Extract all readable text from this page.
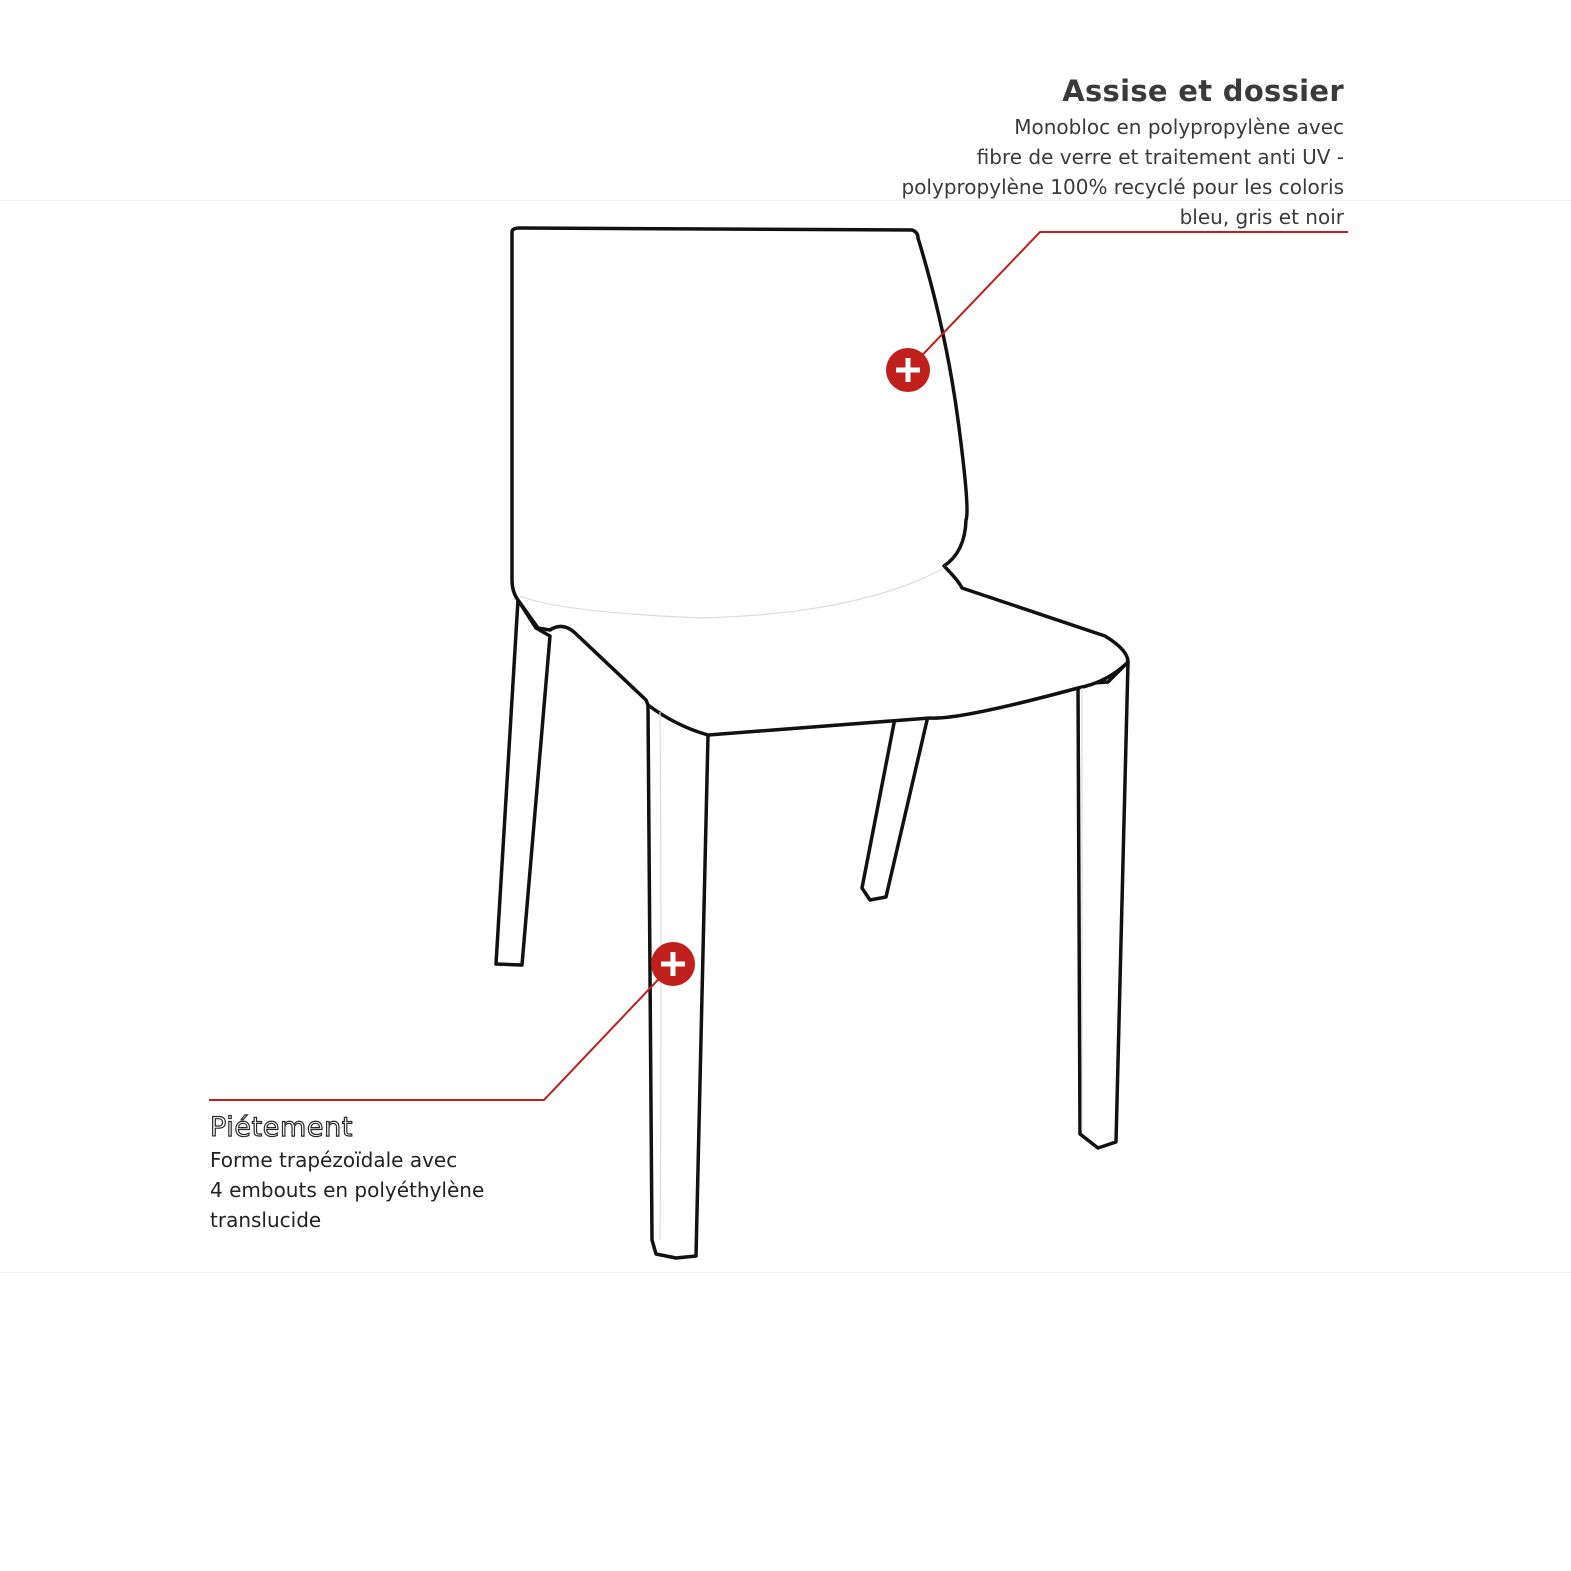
Assise et dossier
Monobloc en polypropylène avec
fibre de verre et traitement anti UV -
polypropylène 100% recyclé pour les coloris
bleu, gris et noir
Piétement
Forme trapézoïdale avec
4 embouts en polyéthylène
translucide
